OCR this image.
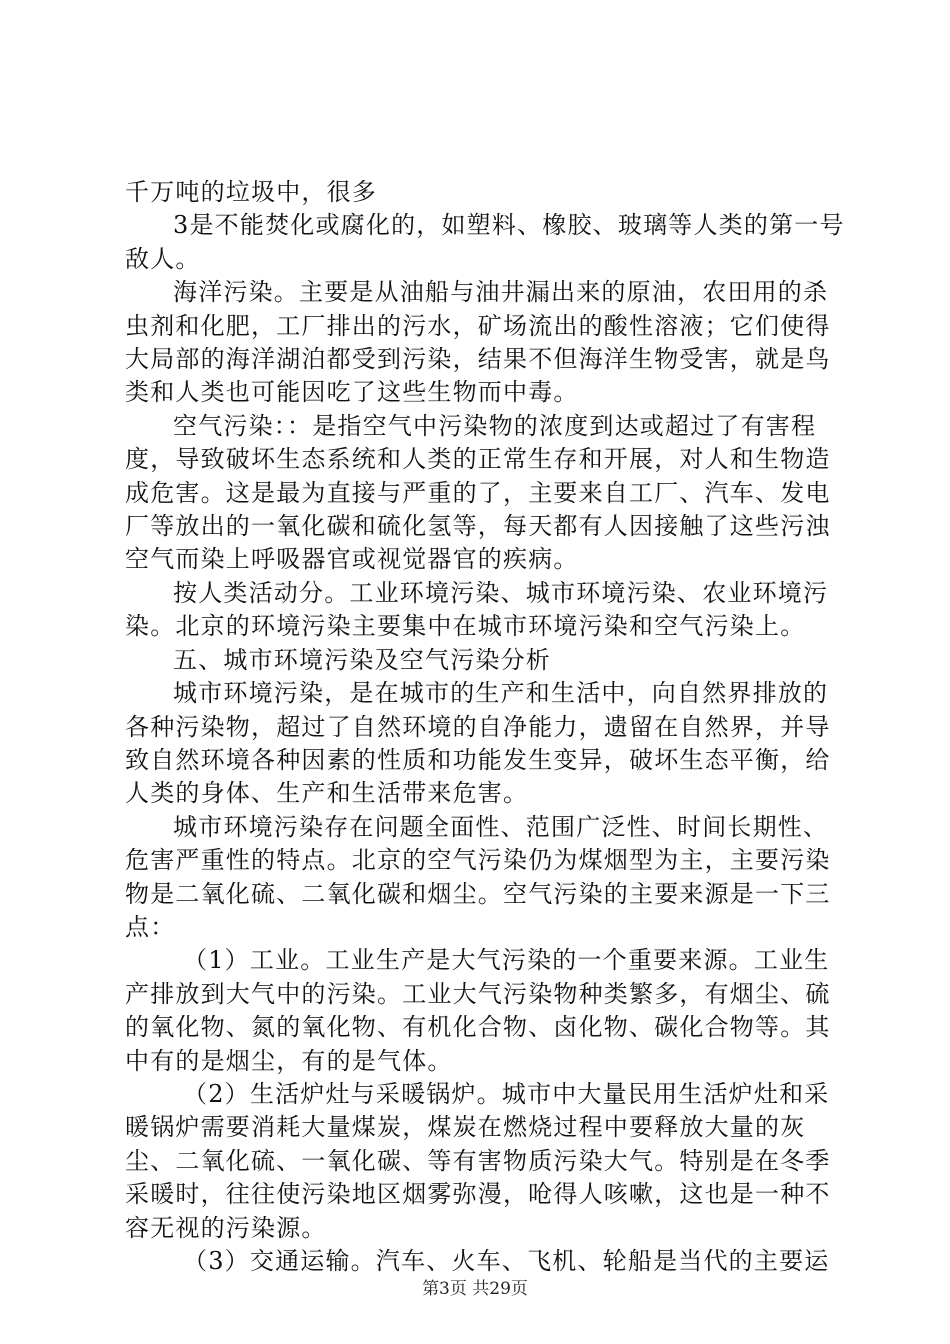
千万吨的垃圾中，很多

3是不能焚化或腐化的，如塑料、橡胶、玻璃等人类的第一号敌人。

海洋污染。主要是从油船与油井漏出来的原油，农田用的杀虫剂和化肥，工厂排出的污水，矿场流出的酸性溶液；它们使得大局部的海洋湖泊都受到污染，结果不但海洋生物受害，就是鸟类和人类也可能因吃了这些生物而中毒。

空气污染：：是指空气中污染物的浓度到达或超过了有害程度，导致破坏生态系统和人类的正常生存和开展，对人和生物造成危害。这是最为直接与严重的了，主要来自工厂、汽车、发电厂等放出的一氧化碳和硫化氢等，每天都有人因接触了这些污浊空气而染上呼吸器官或视觉器官的疾病。

按人类活动分。工业环境污染、城市环境污染、农业环境污染。北京的环境污染主要集中在城市环境污染和空气污染上。

五、城市环境污染及空气污染分析

城市环境污染，是在城市的生产和生活中，向自然界排放的各种污染物，超过了自然环境的自净能力，遗留在自然界，并导致自然环境各种因素的性质和功能发生变异，破坏生态平衡，给人类的身体、生产和生活带来危害。

城市环境污染存在问题全面性、范围广泛性、时间长期性、危害严重性的特点。北京的空气污染仍为煤烟型为主，主要污染物是二氧化硫、二氧化碳和烟尘。空气污染的主要来源是一下三点：

（1）工业。工业生产是大气污染的一个重要来源。工业生产排放到大气中的污染。工业大气污染物种类繁多，有烟尘、硫的氧化物、氮的氧化物、有机化合物、卤化物、碳化合物等。其中有的是烟尘，有的是气体。

（2）生活炉灶与采暖锅炉。城市中大量民用生活炉灶和采暖锅炉需要消耗大量煤炭，煤炭在燃烧过程中要释放大量的灰尘、二氧化硫、一氧化碳、等有害物质污染大气。特别是在冬季采暖时，往往使污染地区烟雾弥漫，呛得人咳嗽，这也是一种不容无视的污染源。

（3）交通运输。汽车、火车、飞机、轮船是当代的主要运

第3页 共29页
